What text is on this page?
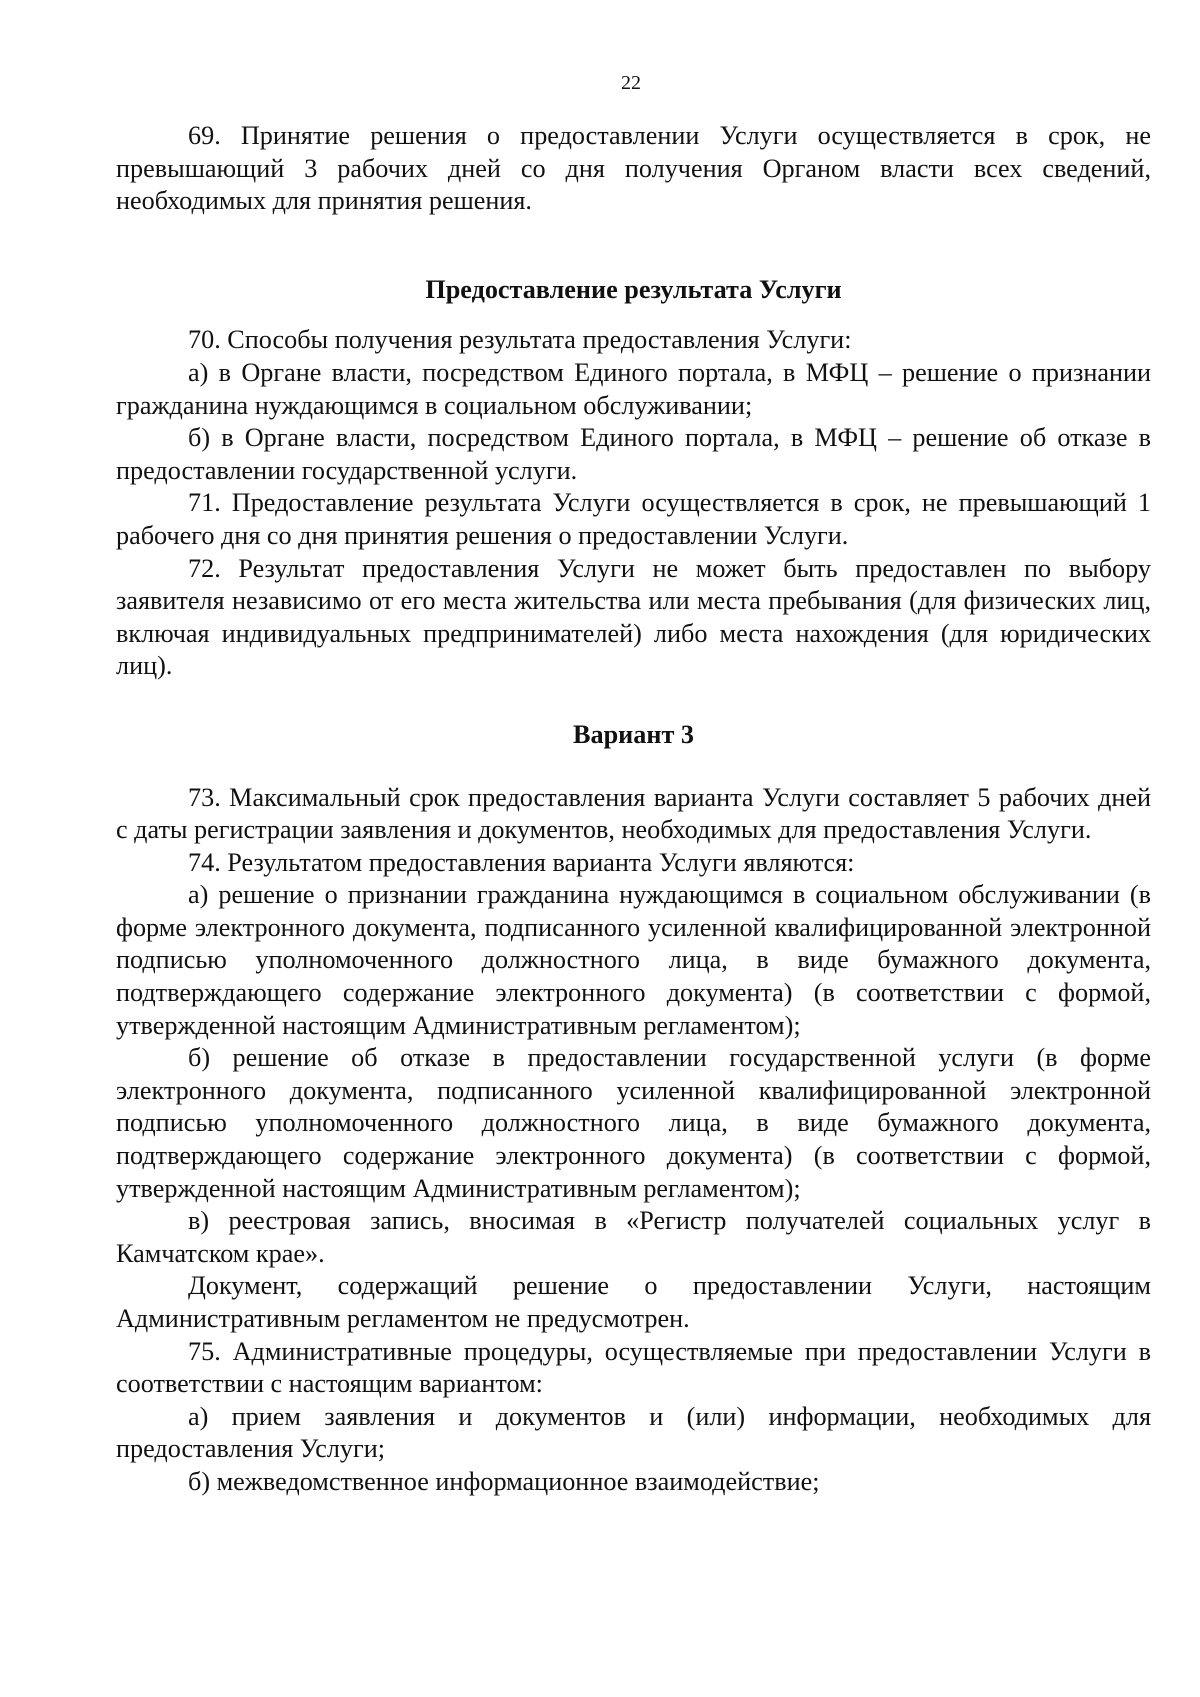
22

69. Принятие решения о предоставлении Услуги осуществляется в срок, не превышающий 3 рабочих дней со дня получения Органом власти всех сведений, необходимых для принятия решения.

Предоставление результата Услуги

70. Способы получения результата предоставления Услуги:

а) в Органе власти, посредством Единого портала, в МФЦ – решение о признании гражданина нуждающимся в социальном обслуживании;

б) в Органе власти, посредством Единого портала, в МФЦ – решение об отказе в предоставлении государственной услуги.

71. Предоставление результата Услуги осуществляется в срок, не превышающий 1 рабочего дня со дня принятия решения о предоставлении Услуги.

72. Результат предоставления Услуги не может быть предоставлен по выбору заявителя независимо от его места жительства или места пребывания (для физических лиц, включая индивидуальных предпринимателей) либо места нахождения (для юридических лиц).

Вариант 3

73. Максимальный срок предоставления варианта Услуги составляет 5 рабочих дней с даты регистрации заявления и документов, необходимых для предоставления Услуги.

74. Результатом предоставления варианта Услуги являются:

а) решение о признании гражданина нуждающимся в социальном обслуживании (в форме электронного документа, подписанного усиленной квалифицированной электронной подписью уполномоченного должностного лица, в виде бумажного документа, подтверждающего содержание электронного документа) (в соответствии с формой, утвержденной настоящим Административным регламентом);

б) решение об отказе в предоставлении государственной услуги (в форме электронного документа, подписанного усиленной квалифицированной электронной подписью уполномоченного должностного лица, в виде бумажного документа, подтверждающего содержание электронного документа) (в соответствии с формой, утвержденной настоящим Административным регламентом);

в) реестровая запись, вносимая в «Регистр получателей социальных услуг в Камчатском крае».

Документ, содержащий решение о предоставлении Услуги, настоящим Административным регламентом не предусмотрен.

75. Административные процедуры, осуществляемые при предоставлении Услуги в соответствии с настоящим вариантом:

а) прием заявления и документов и (или) информации, необходимых для предоставления Услуги;

б) межведомственное информационное взаимодействие;
